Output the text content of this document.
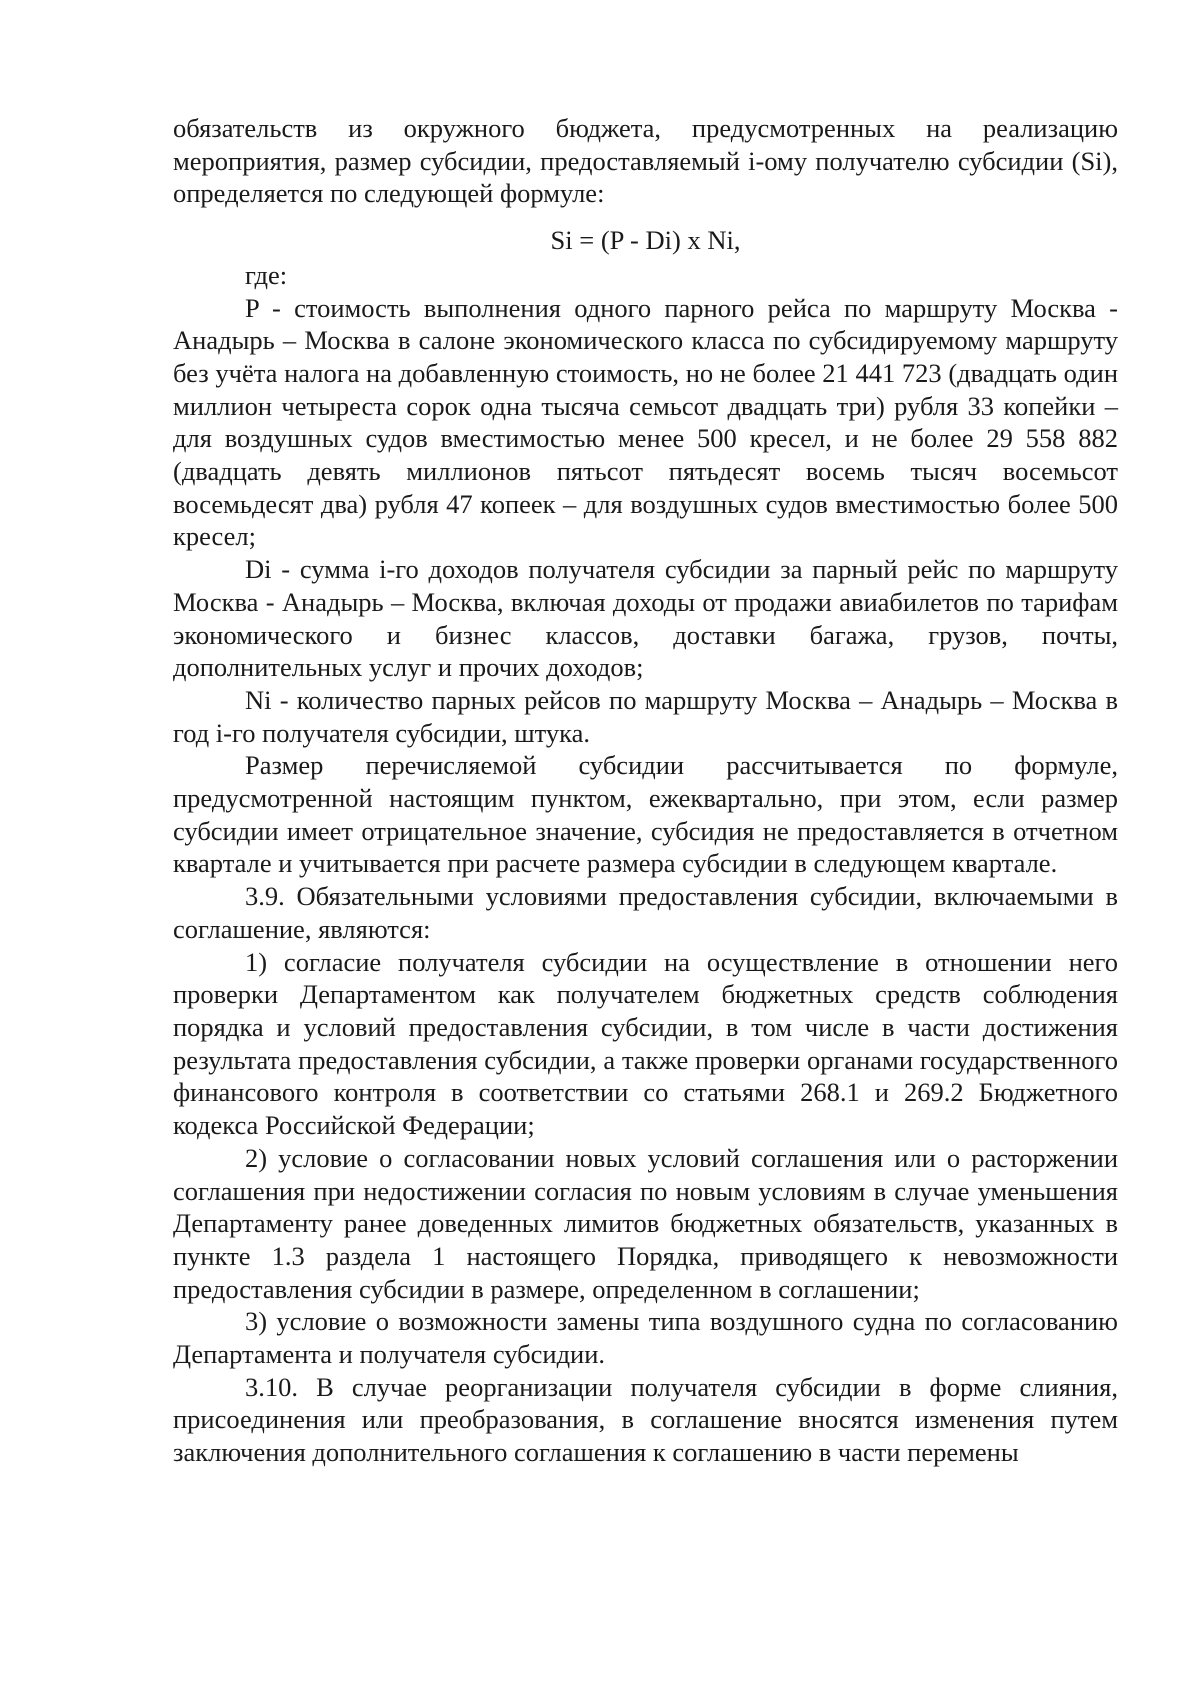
обязательств из окружного бюджета, предусмотренных на реализацию мероприятия, размер субсидии, предоставляемый i-ому получателю субсидии (Si), определяется по следующей формуле:

Si = (P - Di) x Ni,

где:

P - стоимость выполнения одного парного рейса по маршруту Москва - Анадырь – Москва в салоне экономического класса по субсидируемому маршруту без учёта налога на добавленную стоимость, но не более 21 441 723 (двадцать один миллион четыреста сорок одна тысяча семьсот двадцать три) рубля 33 копейки – для воздушных судов вместимостью менее 500 кресел, и не более 29 558 882 (двадцать девять миллионов пятьсот пятьдесят восемь тысяч восемьсот восемьдесят два) рубля 47 копеек – для воздушных судов вместимостью более 500 кресел;

Di - сумма i-го доходов получателя субсидии за парный рейс по маршруту Москва - Анадырь – Москва, включая доходы от продажи авиабилетов по тарифам экономического и бизнес классов, доставки багажа, грузов, почты, дополнительных услуг и прочих доходов;

Ni - количество парных рейсов по маршруту Москва – Анадырь – Москва в год i-го получателя субсидии, штука.

Размер перечисляемой субсидии рассчитывается по формуле, предусмотренной настоящим пунктом, ежеквартально, при этом, если размер субсидии имеет отрицательное значение, субсидия не предоставляется в отчетном квартале и учитывается при расчете размера субсидии в следующем квартале.

3.9. Обязательными условиями предоставления субсидии, включаемыми в соглашение, являются:

1) согласие получателя субсидии на осуществление в отношении него проверки Департаментом как получателем бюджетных средств соблюдения порядка и условий предоставления субсидии, в том числе в части достижения результата предоставления субсидии, а также проверки органами государственного финансового контроля в соответствии со статьями 268.1 и 269.2 Бюджетного кодекса Российской Федерации;

2) условие о согласовании новых условий соглашения или о расторжении соглашения при недостижении согласия по новым условиям в случае уменьшения Департаменту ранее доведенных лимитов бюджетных обязательств, указанных в пункте 1.3 раздела 1 настоящего Порядка, приводящего к невозможности предоставления субсидии в размере, определенном в соглашении;

3) условие о возможности замены типа воздушного судна по согласованию Департамента и получателя субсидии.

3.10. В случае реорганизации получателя субсидии в форме слияния, присоединения или преобразования, в соглашение вносятся изменения путем заключения дополнительного соглашения к соглашению в части перемены
